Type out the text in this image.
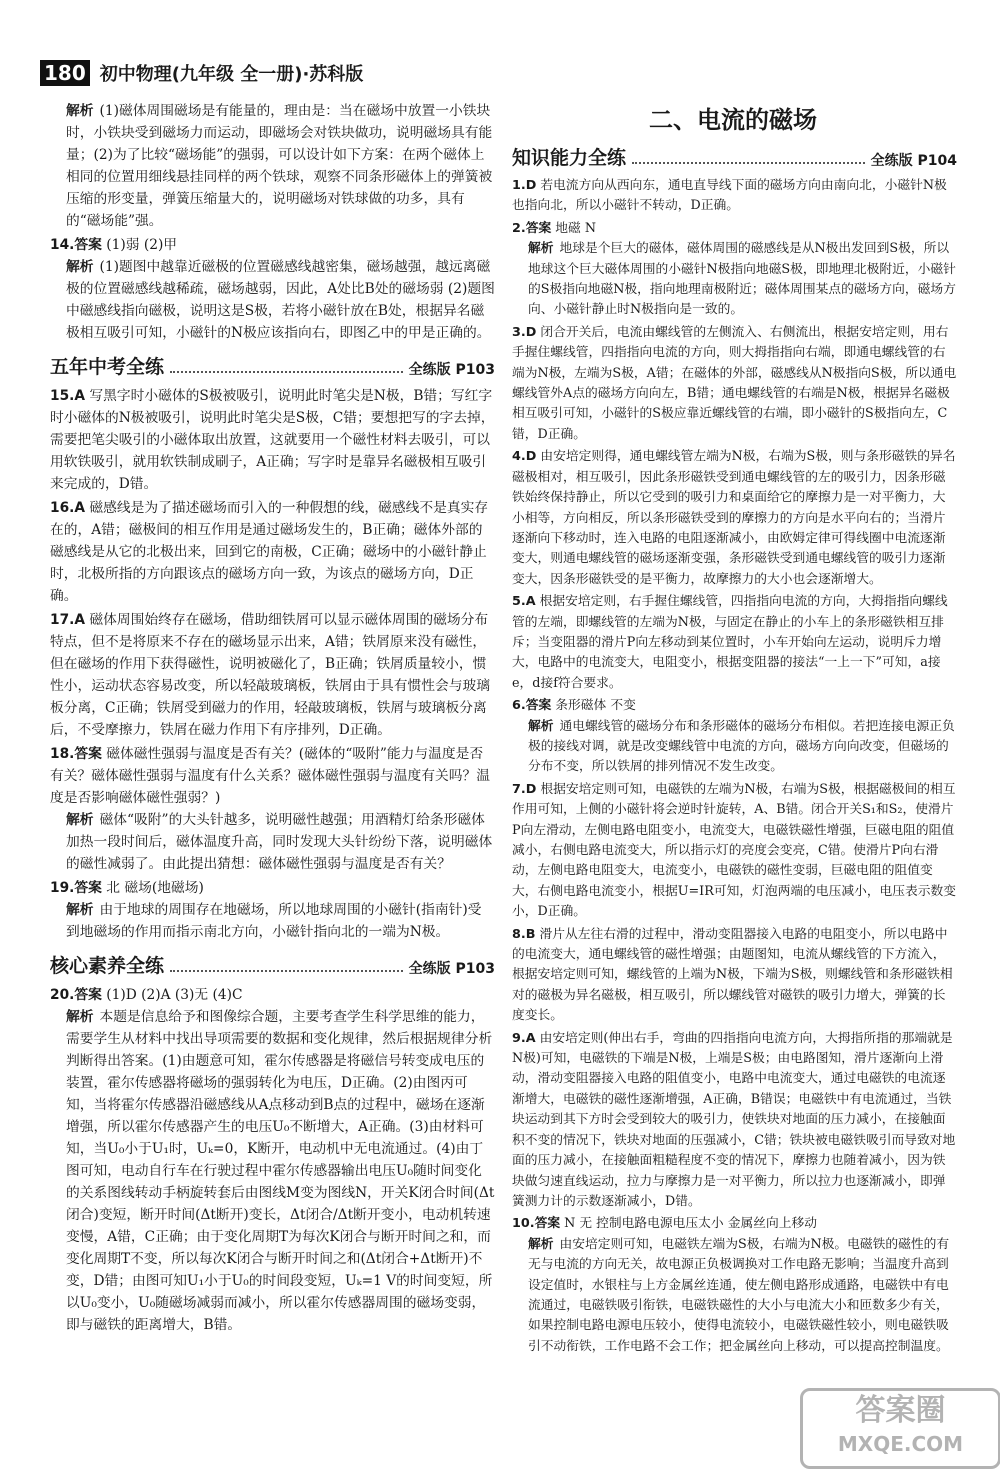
180 初中物理(九年级 全一册)·苏科版
解析 (1)磁体周围磁场是有能量的，理由是：当在磁场中放置一小铁块时，小铁块受到磁场力而运动，即磁场会对铁块做功，说明磁场具有能量；(2)为了比较“磁场能”的强弱，可以设计如下方案：在两个磁体上相同的位置用细线悬挂同样的两个铁球，观察不同条形磁体上的弹簧被压缩的形变量，弹簧压缩量大的，说明磁场对铁球做的功多，具有的“磁场能”强。
14.答案 (1)弱 (2)甲
解析 (1)题图中越靠近磁极的位置磁感线越密集，磁场越强，越远离磁极的位置磁感线越稀疏，磁场越弱，因此，A处比B处的磁场弱 (2)题图中磁感线指向磁极，说明这是S极，若将小磁针放在B处，根据异名磁极相互吸引可知，小磁针的N极应该指向右，即图乙中的甲是正确的。
五年中考全练	全练版 P103
15.A 写黑字时小磁体的S极被吸引，说明此时笔尖是N极，B错；写红字时小磁体的N极被吸引，说明此时笔尖是S极，C错；要想把写的字去掉，需要把笔尖吸引的小磁体取出放置，这就要用一个磁性材料去吸引，可以用软铁吸引，就用软铁制成刷子，A正确；写字时是靠异名磁极相互吸引来完成的，D错。
16.A 磁感线是为了描述磁场而引入的一种假想的线，磁感线不是真实存在的，A错；磁极间的相互作用是通过磁场发生的，B正确；磁体外部的磁感线是从它的北极出来，回到它的南极，C正确；磁场中的小磁针静止时，北极所指的方向跟该点的磁场方向一致，为该点的磁场方向，D正确。
17.A 磁体周围始终存在磁场，借助细铁屑可以显示磁体周围的磁场分布特点，但不是将原来不存在的磁场显示出来，A错；铁屑原来没有磁性，但在磁场的作用下获得磁性，说明被磁化了，B正确；铁屑质量较小，惯性小，运动状态容易改变，所以轻敲玻璃板，铁屑由于具有惯性会与玻璃板分离，C正确；铁屑受到磁力的作用，轻敲玻璃板，铁屑与玻璃板分离后，不受摩擦力，铁屑在磁力作用下有序排列，D正确。
18.答案 磁体磁性强弱与温度是否有关？(磁体的“吸附”能力与温度是否有关？磁体磁性强弱与温度有什么关系？磁体磁性强弱与温度有关吗？温度是否影响磁体磁性强弱？)
解析 磁体“吸附”的大头针越多，说明磁性越强；用酒精灯给条形磁体加热一段时间后，磁体温度升高，同时发现大头针纷纷下落，说明磁体的磁性减弱了。由此提出猜想：磁体磁性强弱与温度是否有关？
19.答案 北 磁场(地磁场)
解析 由于地球的周围存在地磁场，所以地球周围的小磁针(指南针)受到地磁场的作用而指示南北方向，小磁针指向北的一端为N极。
核心素养全练	全练版 P103
20.答案 (1)D (2)A (3)无 (4)C
解析 本题是信息给予和图像综合题，主要考查学生科学思维的能力，需要学生从材料中找出导项需要的数据和变化规律，然后根据规律分析判断得出答案。(1)由题意可知，霍尔传感器是将磁信号转变成电压的装置，霍尔传感器将磁场的强弱转化为电压，D正确。(2)由图丙可知，当将霍尔传感器沿磁感线从A点移动到B点的过程中，磁场在逐渐增强，所以霍尔传感器产生的电压U₀不断增大，A正确。(3)由材料可知，当U₀小于U₁时，Uₖ=0，K断开，电动机中无电流通过。(4)由丁图可知，电动自行车在行驶过程中霍尔传感器输出电压U₀随时间变化的关系图线转动手柄旋转套后由图线M变为图线N，开关K闭合时间(Δt闭合)变短，断开时间(Δt断开)变长，Δt闭合/Δt断开变小，电动机转速变慢，A错，C正确；由于变化周期T为每次K闭合与断开时间之和，而变化周期T不变，所以每次K闭合与断开时间之和(Δt闭合+Δt断开)不变，D错；由图可知U₁小于U₀的时间段变短，Uₖ=1 V的时间变短，所以U₀变小，U₀随磁场减弱而减小，所以霍尔传感器周围的磁场变弱，即与磁铁的距离增大，B错。
二、电流的磁场
知识能力全练	全练版 P104
1.D 若电流方向从西向东，通电直导线下面的磁场方向由南向北，小磁针N极也指向北，所以小磁针不转动，D正确。
2.答案 地磁 N
解析 地球是个巨大的磁体，磁体周围的磁感线是从N极出发回到S极，所以地球这个巨大磁体周围的小磁针N极指向地磁S极，即地理北极附近，小磁针的S极指向地磁N极，指向地理南极附近；磁体周围某点的磁场方向，磁场方向、小磁针静止时N极指向是一致的。
3.D 闭合开关后，电流由螺线管的左侧流入、右侧流出，根据安培定则，用右手握住螺线管，四指指向电流的方向，则大拇指指向右端，即通电螺线管的右端为N极，左端为S极，A错；在磁体的外部，磁感线从N极指向S极，所以通电螺线管外A点的磁场方向向左，B错；通电螺线管的右端是N极，根据异名磁极相互吸引可知，小磁针的S极应靠近螺线管的右端，即小磁针的S极指向左，C错，D正确。
4.D 由安培定则得，通电螺线管左端为N极，右端为S极，则与条形磁铁的异名磁极相对，相互吸引，因此条形磁铁受到通电螺线管的左的吸引力，因条形磁铁始终保持静止，所以它受到的吸引力和桌面给它的摩擦力是一对平衡力，大小相等，方向相反，所以条形磁铁受到的摩擦力的方向是水平向右的；当滑片逐渐向下移动时，连入电路的电阻逐渐减小，由欧姆定律可得线圈中电流逐渐变大，则通电螺线管的磁场逐渐变强，条形磁铁受到通电螺线管的吸引力逐渐变大，因条形磁铁受的是平衡力，故摩擦力的大小也会逐渐增大。
5.A 根据安培定则，右手握住螺线管，四指指向电流的方向，大拇指指向螺线管的左端，即螺线管的左端为N极，与固定在静止的小车上的条形磁铁相互排斥；当变阻器的滑片P向左移动到某位置时，小车开始向左运动，说明斥力增大，电路中的电流变大，电阻变小，根据变阻器的接法“一上一下”可知，a接e，d接f符合要求。
6.答案 条形磁体 不变
解析 通电螺线管的磁场分布和条形磁体的磁场分布相似。若把连接电源正负极的接线对调，就是改变螺线管中电流的方向，磁场方向向改变，但磁场的分布不变，所以铁屑的排列情况不发生改变。
7.D 根据安培定则可知，电磁铁的左端为N极，右端为S极，根据磁极间的相互作用可知，上侧的小磁针将会逆时针旋转，A、B错。闭合开关S₁和S₂，使滑片P向左滑动，左侧电路电阻变小，电流变大，电磁铁磁性增强，巨磁电阻的阻值减小，右侧电路电流变大，所以指示灯的亮度会变亮，C错。使滑片P向右滑动，左侧电路电阻变大，电流变小，电磁铁的磁性变弱，巨磁电阻的阻值变大，右侧电路电流变小，根据U=IR可知，灯泡两端的电压减小，电压表示数变小，D正确。
8.B 滑片从左往右滑的过程中，滑动变阻器接入电路的电阻变小，所以电路中的电流变大，通电螺线管的磁性增强；由题图知，电流从螺线管的下方流入，根据安培定则可知，螺线管的上端为N极，下端为S极，则螺线管和条形磁铁相对的磁极为异名磁极，相互吸引，所以螺线管对磁铁的吸引力增大，弹簧的长度变长。
9.A 由安培定则(伸出右手，弯曲的四指指向电流方向，大拇指所指的那端就是N极)可知，电磁铁的下端是N极，上端是S极；由电路图知，滑片逐渐向上滑动，滑动变阻器接入电路的阻值变小，电路中电流变大，通过电磁铁的电流逐渐增大，电磁铁的磁性逐渐增强，A正确，B错误；电磁铁中有电流通过，当铁块运动到其下方时会受到较大的吸引力，使铁块对地面的压力减小，在接触面积不变的情况下，铁块对地面的压强减小，C错；铁块被电磁铁吸引而导致对地面的压力减小，在接触面粗糙程度不变的情况下，摩擦力也随着减小，因为铁块做匀速直线运动，拉力与摩擦力是一对平衡力，所以拉力也逐渐减小，即弹簧测力计的示数逐渐减小，D错。
10.答案 N 无 控制电路电源电压太小 金属丝向上移动
解析 由安培定则可知，电磁铁左端为S极，右端为N极。电磁铁的磁性的有无与电流的方向无关，故电源正负极调换对工作电路无影响；当温度升高到设定值时，水银柱与上方金属丝连通，使左侧电路形成通路，电磁铁中有电流通过，电磁铁吸引衔铁，电磁铁磁性的大小与电流大小和匝数多少有关，如果控制电路电源电压较小，使得电流较小，电磁铁磁性较小，则电磁铁吸引不动衔铁，工作电路不会工作；把金属丝向上移动，可以提高控制温度。
答案圈
MXQE.COM
